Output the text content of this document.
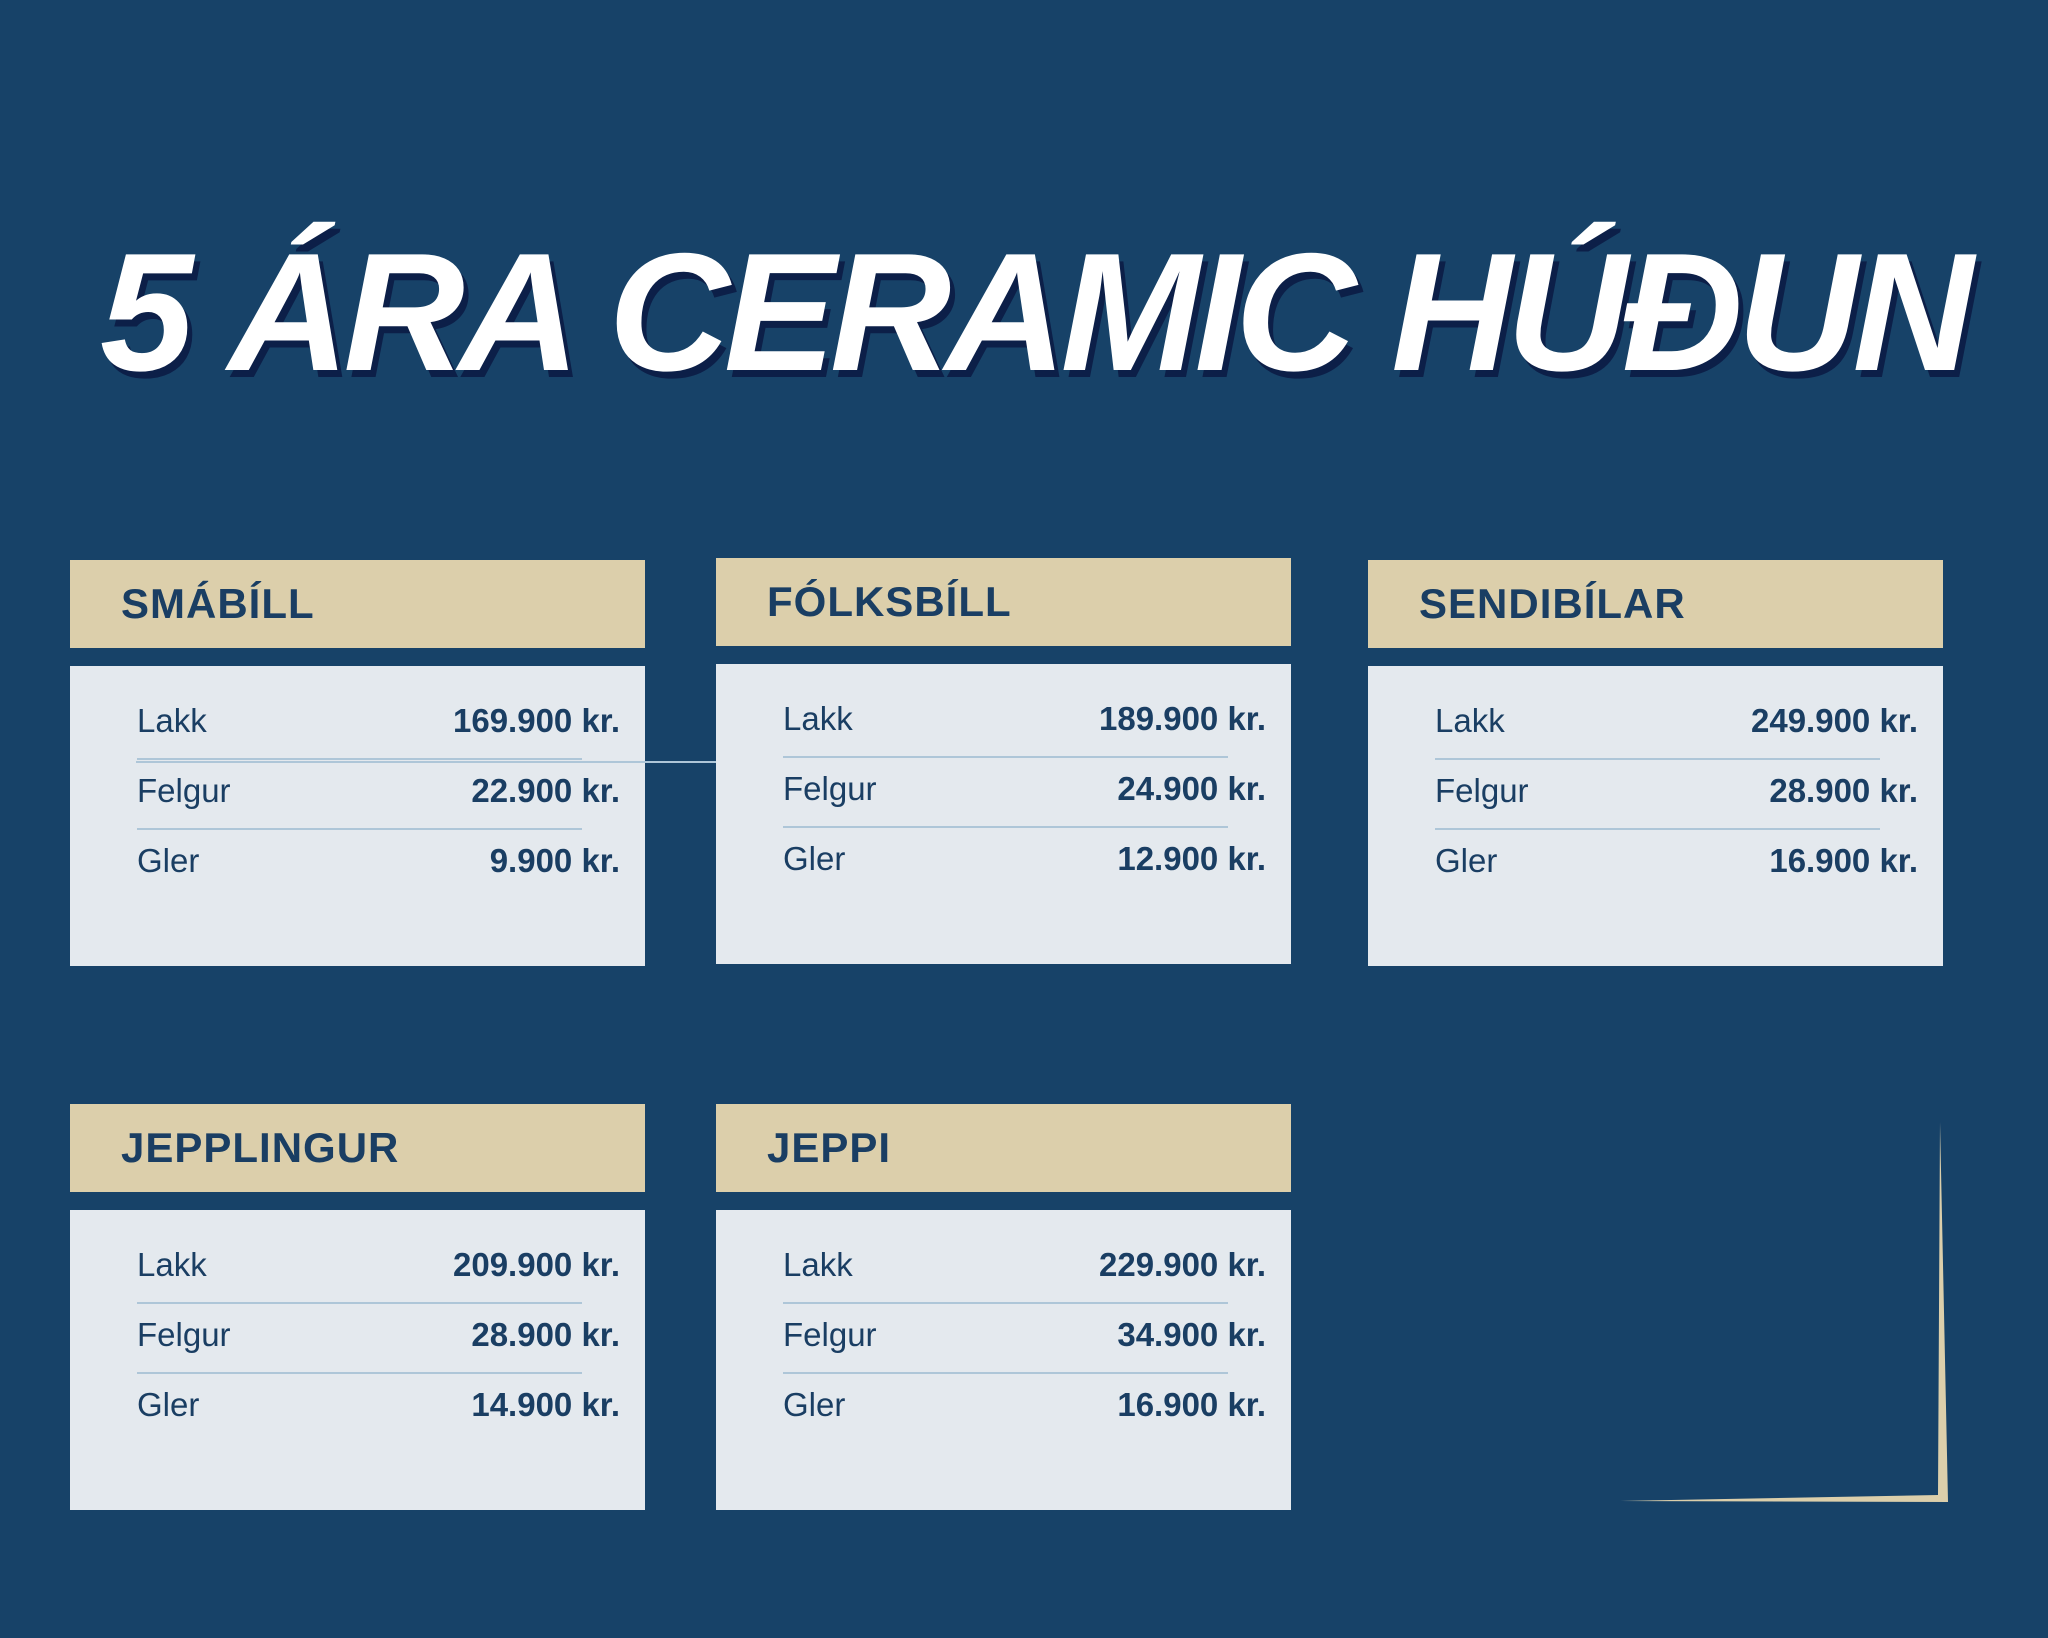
5 ÁRA CERAMIC HÚÐUN
SMÁBÍLL
Lakk	169.900 kr.
Felgur	22.900 kr.
Gler	9.900 kr.
FÓLKSBÍLL
Lakk	189.900 kr.
Felgur	24.900 kr.
Gler	12.900 kr.
SENDIBÍLAR
Lakk	249.900 kr.
Felgur	28.900 kr.
Gler	16.900 kr.
JEPPLINGUR
Lakk	209.900 kr.
Felgur	28.900 kr.
Gler	14.900 kr.
JEPPI
Lakk	229.900 kr.
Felgur	34.900 kr.
Gler	16.900 kr.
